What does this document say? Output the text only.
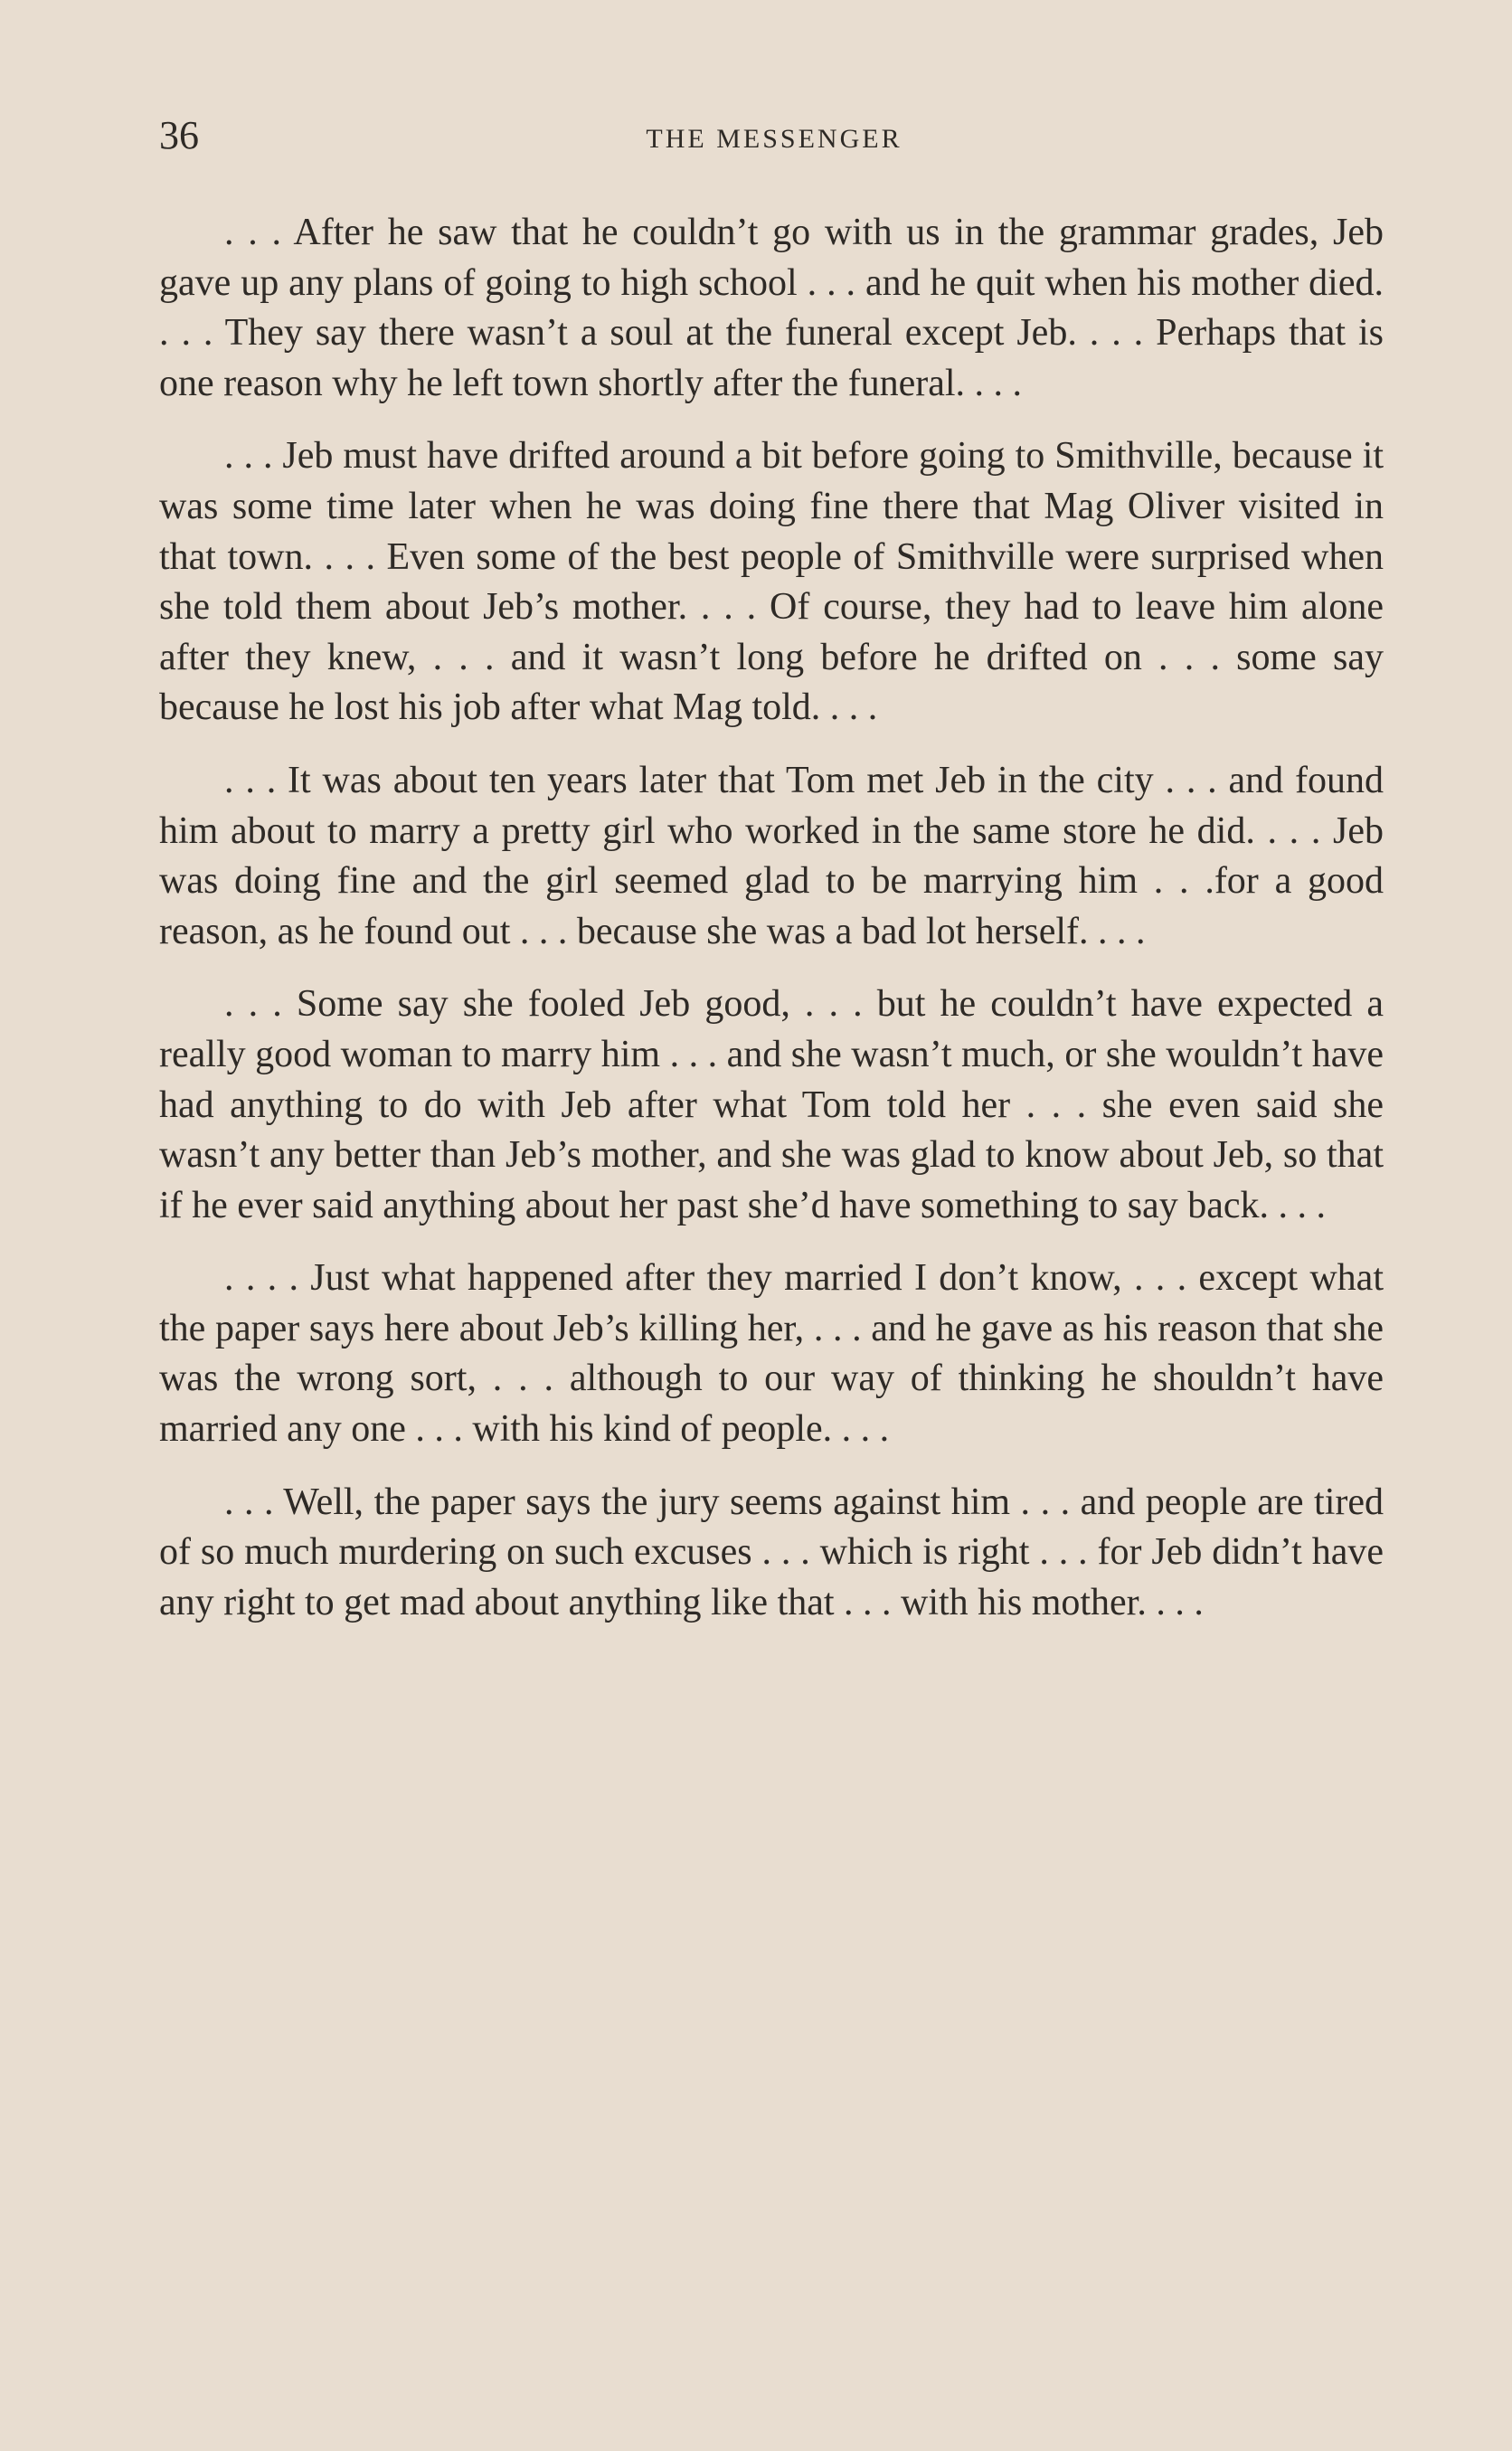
36	THE MESSENGER

. . . After he saw that he couldn’t go with us in the grammar grades, Jeb gave up any plans of going to high school . . . and he quit when his mother died. . . . They say there wasn’t a soul at the funeral except Jeb. . . . Perhaps that is one reason why he left town shortly after the funeral. . . .

. . . Jeb must have drifted around a bit before going to Smithville, because it was some time later when he was doing fine there that Mag Oliver visited in that town. . . . Even some of the best people of Smithville were surprised when she told them about Jeb’s mother. . . . Of course, they had to leave him alone after they knew, . . . and it wasn’t long before he drifted on . . . some say because he lost his job after what Mag told. . . .

. . . It was about ten years later that Tom met Jeb in the city . . . and found him about to marry a pretty girl who worked in the same store he did. . . . Jeb was doing fine and the girl seemed glad to be marrying him . . .for a good reason, as he found out . . . because she was a bad lot herself. . . .

. . . Some say she fooled Jeb good, . . . but he couldn’t have expected a really good woman to marry him . . . and she wasn’t much, or she wouldn’t have had anything to do with Jeb after what Tom told her . . . she even said she wasn’t any better than Jeb’s mother, and she was glad to know about Jeb, so that if he ever said anything about her past she’d have something to say back. . . .

. . . . Just what happened after they married I don’t know, . . . except what the paper says here about Jeb’s killing her, . . . and he gave as his reason that she was the wrong sort, . . . although to our way of thinking he shouldn’t have married any one . . . with his kind of people. . . .

. . . Well, the paper says the jury seems against him . . . and people are tired of so much murdering on such excuses . . . which is right . . . for Jeb didn’t have any right to get mad about anything like that . . . with his mother. . . .
